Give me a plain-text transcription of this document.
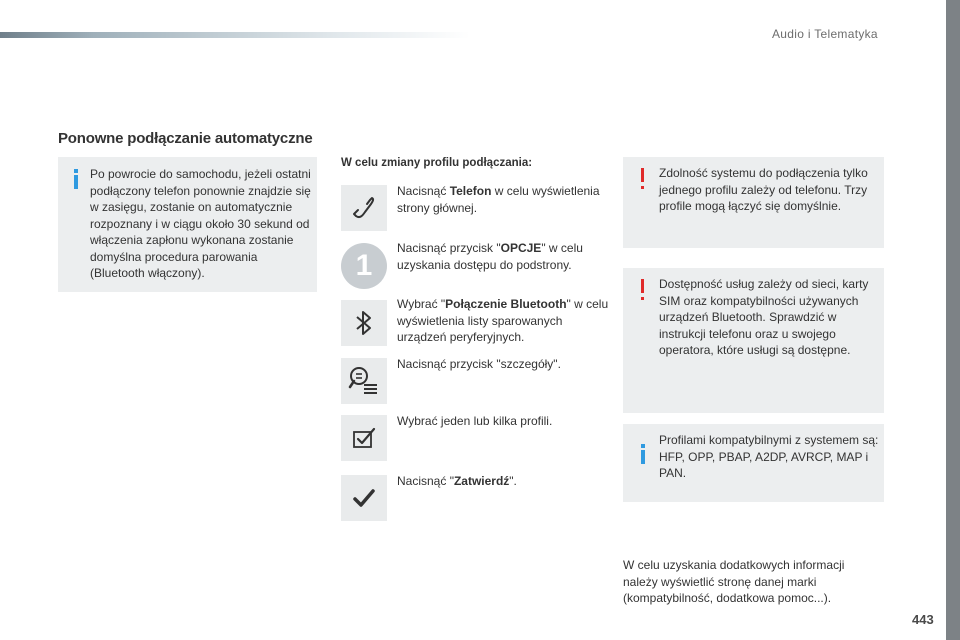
Audio i Telematyka
Ponowne podłączanie automatyczne
Po powrocie do samochodu, jeżeli ostatni podłączony telefon ponownie znajdzie się w zasięgu, zostanie on automatycznie rozpoznany i w ciągu około 30 sekund od włączenia zapłonu wykonana zostanie domyślna procedura parowania (Bluetooth włączony).
W celu zmiany profilu podłączania:
Nacisnąć Telefon w celu wyświetlenia strony głównej.
1
Nacisnąć przycisk "OPCJE" w celu uzyskania dostępu do podstrony.
Wybrać "Połączenie Bluetooth" w celu wyświetlenia listy sparowanych urządzeń peryferyjnych.
Nacisnąć przycisk "szczegóły".
Wybrać jeden lub kilka profili.
Nacisnąć "Zatwierdź".
Zdolność systemu do podłączenia tylko jednego profilu zależy od telefonu. Trzy profile mogą łączyć się domyślnie.
Dostępność usług zależy od sieci, karty SIM oraz kompatybilności używanych urządzeń Bluetooth. Sprawdzić w instrukcji telefonu oraz u swojego operatora, które usługi są dostępne.
Profilami kompatybilnymi z systemem są: HFP, OPP, PBAP, A2DP, AVRCP, MAP i PAN.
W celu uzyskania dodatkowych informacji należy wyświetlić stronę danej marki (kompatybilność, dodatkowa pomoc...).
443
